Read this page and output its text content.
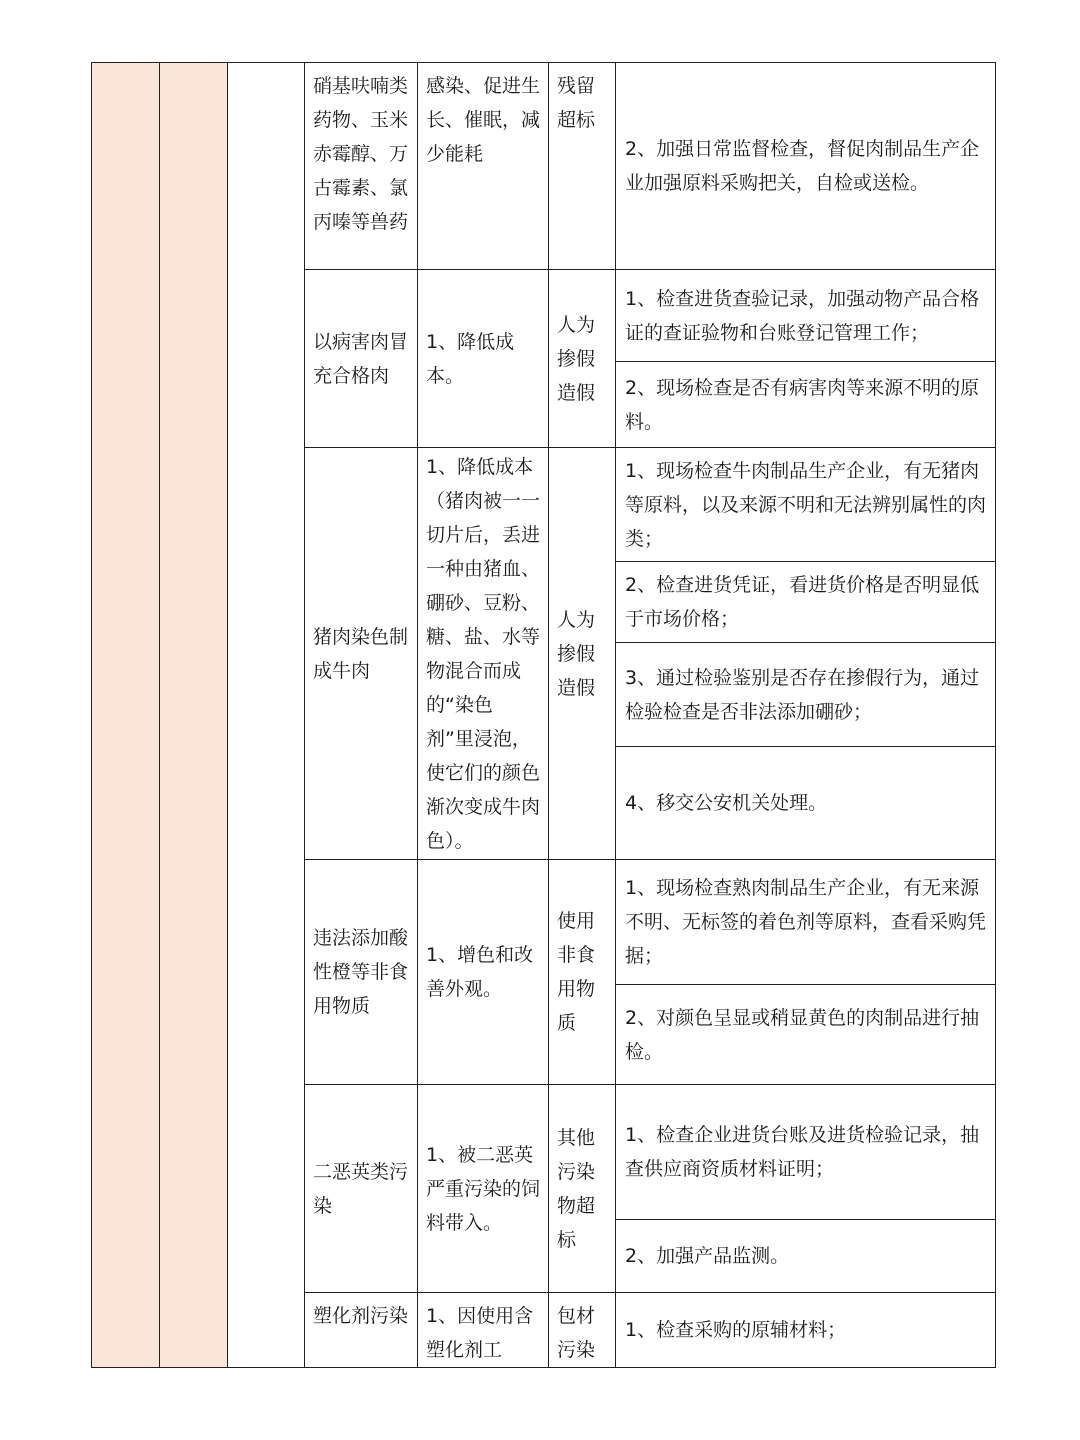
			硝基呋喃类药物、玉米赤霉醇、万古霉素、氯丙嗪等兽药	感染、促进生长、催眠，减少能耗	残留超标	2、加强日常监督检查，督促肉制品生产企业加强原料采购把关，自检或送检。

			以病害肉冒充合格肉	1、降低成本。	人为掺假造假	1、检查进货查验记录，加强动物产品合格证的查证验物和台账登记管理工作；

						2、现场检查是否有病害肉等来源不明的原料。

			猪肉染色制成牛肉	1、降低成本（猪肉被一一切片后，丢进一种由猪血、硼砂、豆粉、糖、盐、水等物混合而成的“染色剂”里浸泡，使它们的颜色渐次变成牛肉色）。	人为掺假造假	1、现场检查牛肉制品生产企业，有无猪肉等原料，以及来源不明和无法辨别属性的肉类；

						2、检查进货凭证，看进货价格是否明显低于市场价格；

						3、通过检验鉴别是否存在掺假行为，通过检验检查是否非法添加硼砂；

						4、移交公安机关处理。

			违法添加酸性橙等非食用物质	1、增色和改善外观。	使用非食用物质	1、现场检查熟肉制品生产企业，有无来源不明、无标签的着色剂等原料，查看采购凭据；

						2、对颜色呈显或稍显黄色的肉制品进行抽检。

			二恶英类污染	1、被二恶英严重污染的饲料带入。	其他污染物超标	1、检查企业进货台账及进货检验记录，抽查供应商资质材料证明；

						2、加强产品监测。

			塑化剂污染	1、因使用含塑化剂工	包材污染	1、检查采购的原辅材料；
